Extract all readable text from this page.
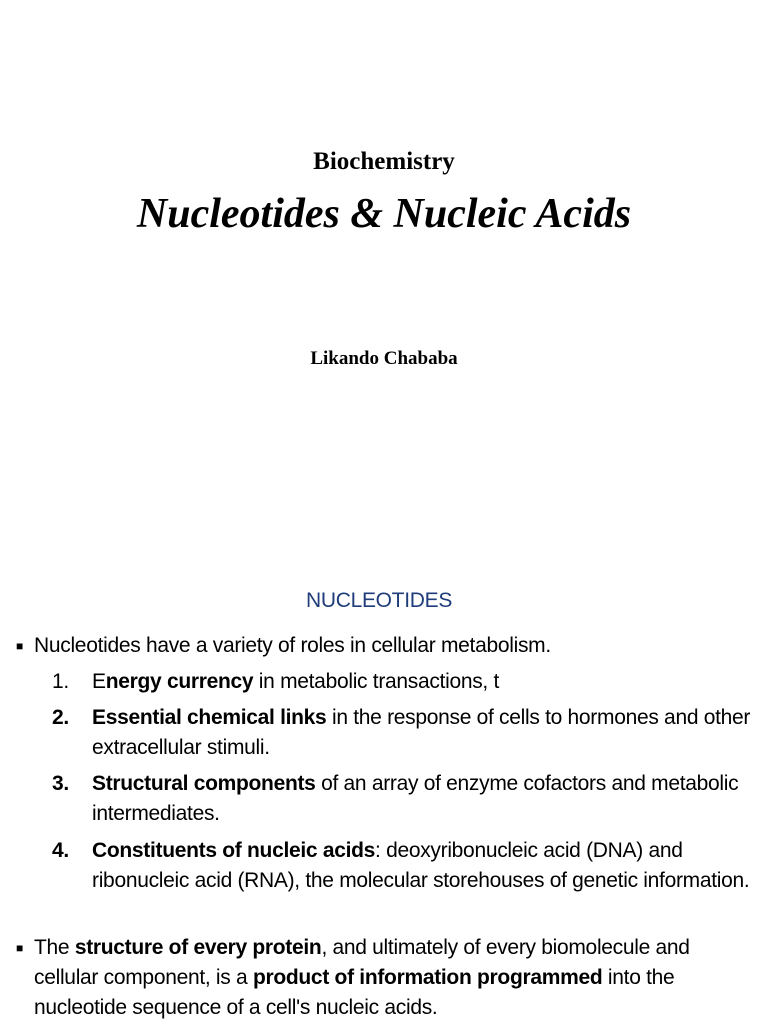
Biochemistry
Nucleotides & Nucleic Acids
Likando Chababa
NUCLEOTIDES
■ Nucleotides have a variety of roles in cellular metabolism.
1.	Energy currency in metabolic transactions, t
2.	Essential chemical links in the response of cells to hormones and other extracellular stimuli.
3.	Structural components of an array of enzyme cofactors and metabolic intermediates.
4.	Constituents of nucleic acids: deoxyribonucleic acid (DNA) and ribonucleic acid (RNA), the molecular storehouses of genetic information.
■ The structure of every protein, and ultimately of every biomolecule and cellular component, is a product of information programmed into the nucleotide sequence of a cell's nucleic acids.
